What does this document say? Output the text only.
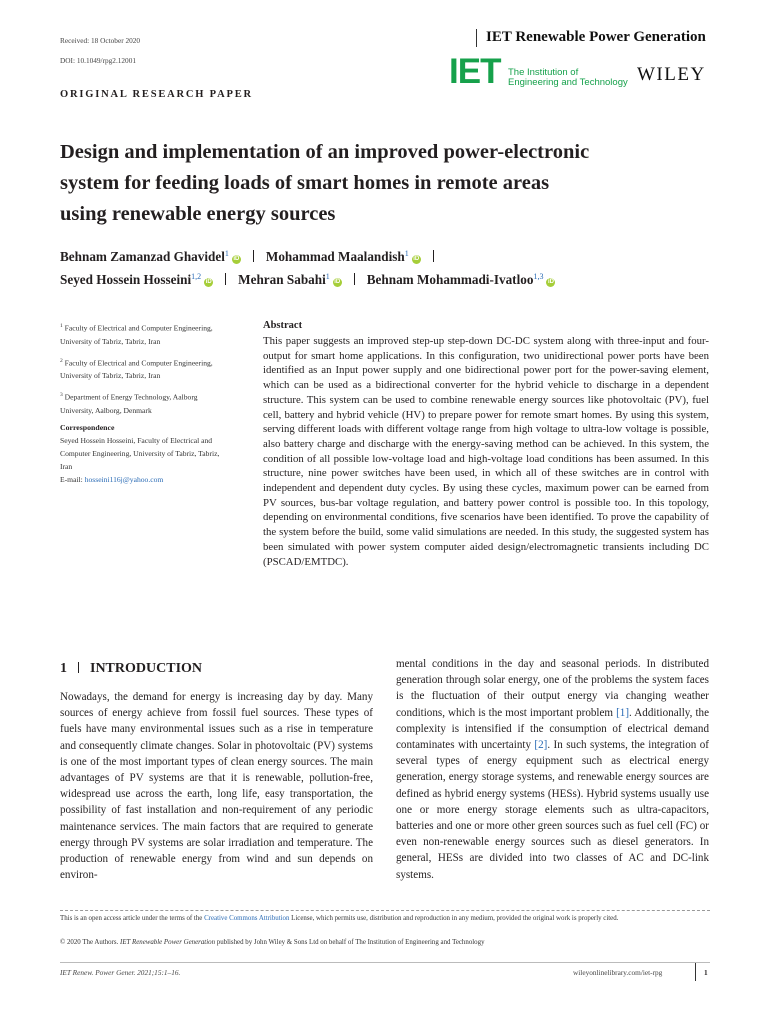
Received: 18 October 2020
DOI: 10.1049/rpg2.12001
IET Renewable Power Generation
IET The Institution of
Engineering and Technology WILEY
ORIGINAL RESEARCH PAPER
Design and implementation of an improved power-electronic
system for feeding loads of smart homes in remote areas
using renewable energy sources
Behnam Zamanzad Ghavidel$^1$iD Mohammad Maalandish$^1$iD
Seyed Hossein Hosseini$^{1,2}$iD Mehran Sabahi$^1$iD Behnam Mohammadi-Ivatloo$^{1,3}$iD
$^1$ Faculty of Electrical and Computer Engineering,
University of Tabriz, Tabriz, Iran
$^2$ Faculty of Electrical and Computer Engineering,
University of Tabriz, Tabriz, Iran
$^3$ Department of Energy Technology, Aalborg
University, Aalborg, Denmark
Correspondence
Seyed Hossein Hosseini, Faculty of Electrical and
Computer Engineering, University of Tabriz, Tabriz,
Iran
E-mail: hosseini116j@yahoo.com
Abstract
This paper suggests an improved step-up step-down DC-DC system along with three-input and four-output for smart home applications. In this configuration, two unidirectional power ports have been identified as an Input power supply and one bidirectional power port for the power-saving element, which can be used as a bidirectional converter for the hybrid vehicle to discharge in a dependent structure. This system can be used to combine renewable energy sources like photovoltaic (PV), fuel cell, battery and hybrid vehicle (HV) to prepare power for remote smart homes. By using this system, serving different loads with different voltage range from high voltage to ultra-low voltage is possible, also battery charge and discharge with the energy-saving method can be achieved. In this system, the condition of all possible low-voltage load and high-voltage load conditions has been assumed. In this structure, nine power switches have been used, in which all of these switches are in control with independent and dependent duty cycles. By using these cycles, maximum power can be earned from PV sources, bus-bar voltage regulation, and battery power control is possible too. In this topology, depending on environmental conditions, five scenarios have been identified. To prove the capability of the system before the build, some valid simulations are needed. In this study, the suggested system has been simulated with power system computer aided design/electromagnetic transients including DC (PSCAD/EMTDC).
1 INTRODUCTION
Nowadays, the demand for energy is increasing day by day. Many sources of energy achieve from fossil fuel sources. These types of fuels have many environmental issues such as a rise in temperature and consequently climate changes. Solar in photovoltaic (PV) systems is one of the most important types of clean energy sources. The main advantages of PV systems are that it is renewable, pollution-free, widespread use across the earth, long life, easy transportation, the possibility of fast installation and non-requirement of any periodic maintenance services. The main factors that are required to generate energy through PV systems are solar irradiation and temperature. The production of renewable energy from wind and sun depends on environ-
mental conditions in the day and seasonal periods. In distributed generation through solar energy, one of the problems the system faces is the fluctuation of their output energy via changing weather conditions, which is the most important problem [1]. Additionally, the complexity is intensified if the consumption of electrical demand contaminates with uncertainty [2]. In such systems, the integration of several types of energy equipment such as electrical energy generation, energy storage systems, and renewable energy sources are defined as hybrid energy systems (HESs). Hybrid systems usually use one or more energy storage elements such as ultra-capacitors, batteries and one or more other green sources such as fuel cell (FC) or even non-renewable energy sources such as diesel generators. In general, HESs are divided into two classes of AC and DC-link systems.
This is an open access article under the terms of the Creative Commons Attribution License, which permits use, distribution and reproduction in any medium, provided the original work is properly cited.
© 2020 The Authors. IET Renewable Power Generation published by John Wiley & Sons Ltd on behalf of The Institution of Engineering and Technology
IET Renew. Power Gener. 2021;15:1–16.	wileyonlinelibrary.com/iet-rpg	1
